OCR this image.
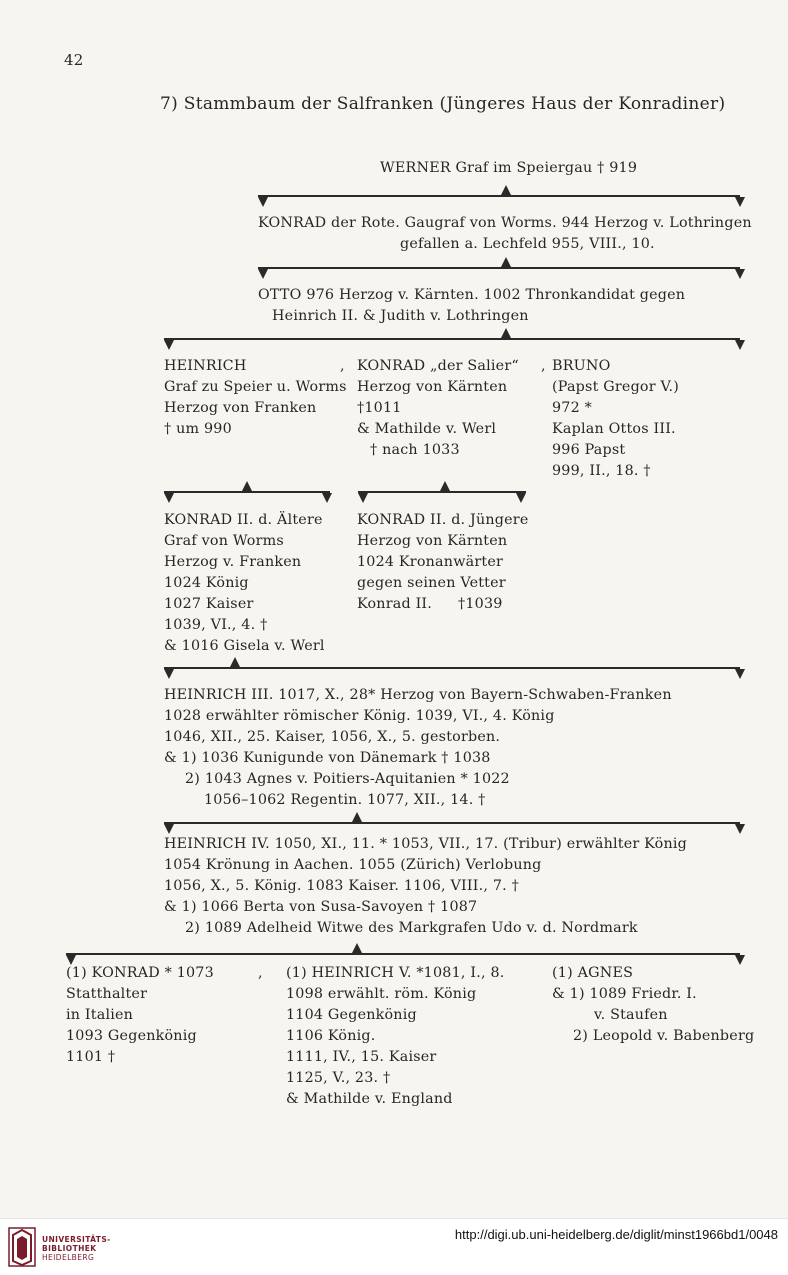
42
7) Stammbaum der Salfranken (Jüngeres Haus der Konradiner)
WERNER Graf im Speiergau † 919
KONRAD der Rote. Gaugraf von Worms. 944 Herzog v. Lothringen
gefallen a. Lechfeld 955, VIII., 10.
OTTO 976 Herzog v. Kärnten. 1002 Thronkandidat gegen
Heinrich II. & Judith v. Lothringen
HEINRICH
Graf zu Speier u. Worms
Herzog von Franken
† um 990
, KONRAD „der Salier“
Herzog von Kärnten
†1011
& Mathilde v. Werl
† nach 1033
, BRUNO
(Papst Gregor V.)
972 *
Kaplan Ottos III.
996 Papst
999, II., 18. †
KONRAD II. d. Ältere
Graf von Worms
Herzog v. Franken
1024 König
1027 Kaiser
1039, VI., 4. †
& 1016 Gisela v. Werl
KONRAD II. d. Jüngere
Herzog von Kärnten
1024 Kronanwärter
gegen seinen Vetter
Konrad II. †1039
HEINRICH III. 1017, X., 28* Herzog von Bayern-Schwaben-Franken
1028 erwählter römischer König. 1039, VI., 4. König
1046, XII., 25. Kaiser, 1056, X., 5. gestorben.
& 1) 1036 Kunigunde von Dänemark † 1038
2) 1043 Agnes v. Poitiers-Aquitanien * 1022
1056–1062 Regentin. 1077, XII., 14. †
HEINRICH IV. 1050, XI., 11. * 1053, VII., 17. (Tribur) erwählter König
1054 Krönung in Aachen. 1055 (Zürich) Verlobung
1056, X., 5. König. 1083 Kaiser. 1106, VIII., 7. †
& 1) 1066 Berta von Susa-Savoyen † 1087
2) 1089 Adelheid Witwe des Markgrafen Udo v. d. Nordmark
(1) KONRAD * 1073
Statthalter
in Italien
1093 Gegenkönig
1101 †
, (1) HEINRICH V. *1081, I., 8.
1098 erwählt. röm. König
1104 Gegenkönig
1106 König.
1111, IV., 15. Kaiser
1125, V., 23. †
& Mathilde v. England
(1) AGNES
& 1) 1089 Friedr. I.
v. Staufen
2) Leopold v. Babenberg
UNIVERSITÄTS-
BIBLIOTHEK
HEIDELBERG
http://digi.ub.uni-heidelberg.de/diglit/minst1966bd1/0048
